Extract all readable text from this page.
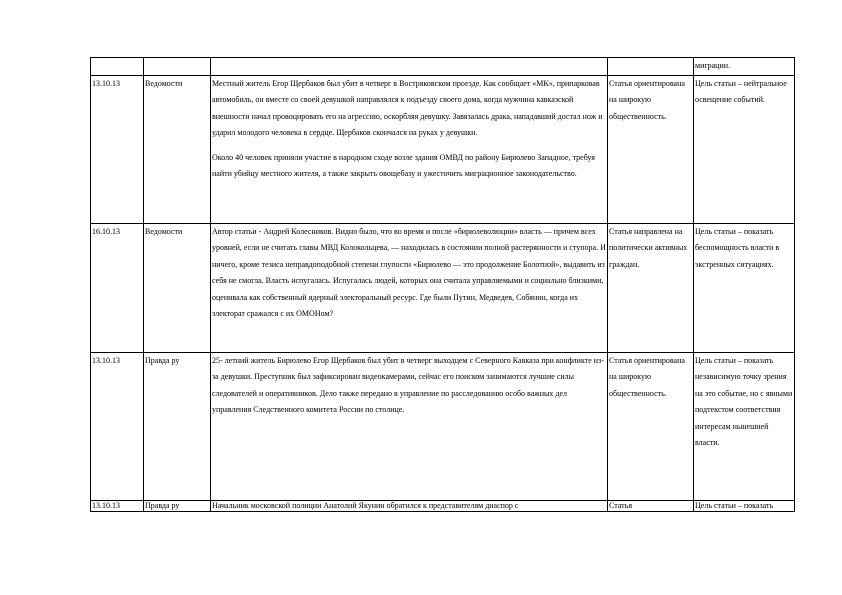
				миграции.
13.10.13	Ведомости	Местный житель Егор Щербаков был убит в четверг в Востряковском проезде. Как сообщает «МК», припарковав автомобиль, он вместе со своей девушкой направлялся к подъезду своего дома, когда мужчина кавказской внешности начал провоцировать его на агрессию, оскорбляя девушку. Завязалась драка, нападавший достал нож и ударил молодого человека в сердце. Щербаков скончался на руках у девушки.

Около 40 человек приняли участие в народном сходе возле здания ОМВД по району Бирюлево Западное, требуя найти убийцу местного жителя, а также закрыть овощебазу и ужесточить миграционное законодательство.	Статья ориентирована на широкую общественность.	Цель статьи – нейтральное освещение событий.
16.10.13	Ведомости	Автор статьи - Андрей Колесников. Видно было, что во время и после «бирюлеволюции» власть — причем всех уровней, если не считать главы МВД Колокольцева, — находилась в состоянии полной растерянности и ступора. И ничего, кроме тезиса неправдоподобной степени глупости «Бирюлево — это продолжение Болотной», выдавить из себя не смогла. Власть испугалась. Испугалась людей, которых она считала управляемыми и социально близкими, оценивала как собственный ядерный электоральный ресурс. Где были Путин, Медведев, Собянин, когда их электорат сражался с их ОМОНом?	Статья направлена на политически активных граждан.	Цель статьи – показать беспомощность власти в экстренных ситуациях.
13.10.13	Правда ру	25- летний житель Бирюлево Егор Щербаков был убит в четверг выходцем с Северного Кавказа при конфликте из-за девушки. Преступник был зафиксирован видеокамерами, сейчас его поиском занимаются лучшие силы следователей и оперативников. Дело также передано в управление по расследованию особо важных дел управления Следственного комитета России по столице.	Статья ориентирована на широкую общественность.	Цель статьи – показать независимую точку зрения на это событие, но с явными подтекстом соответствия интересам нынешней власти.

13.10.13	Правда ру	Начальник московской полиции Анатолий Якунин обратился к представителям диаспор с	Статья	Цель статьи – показать
